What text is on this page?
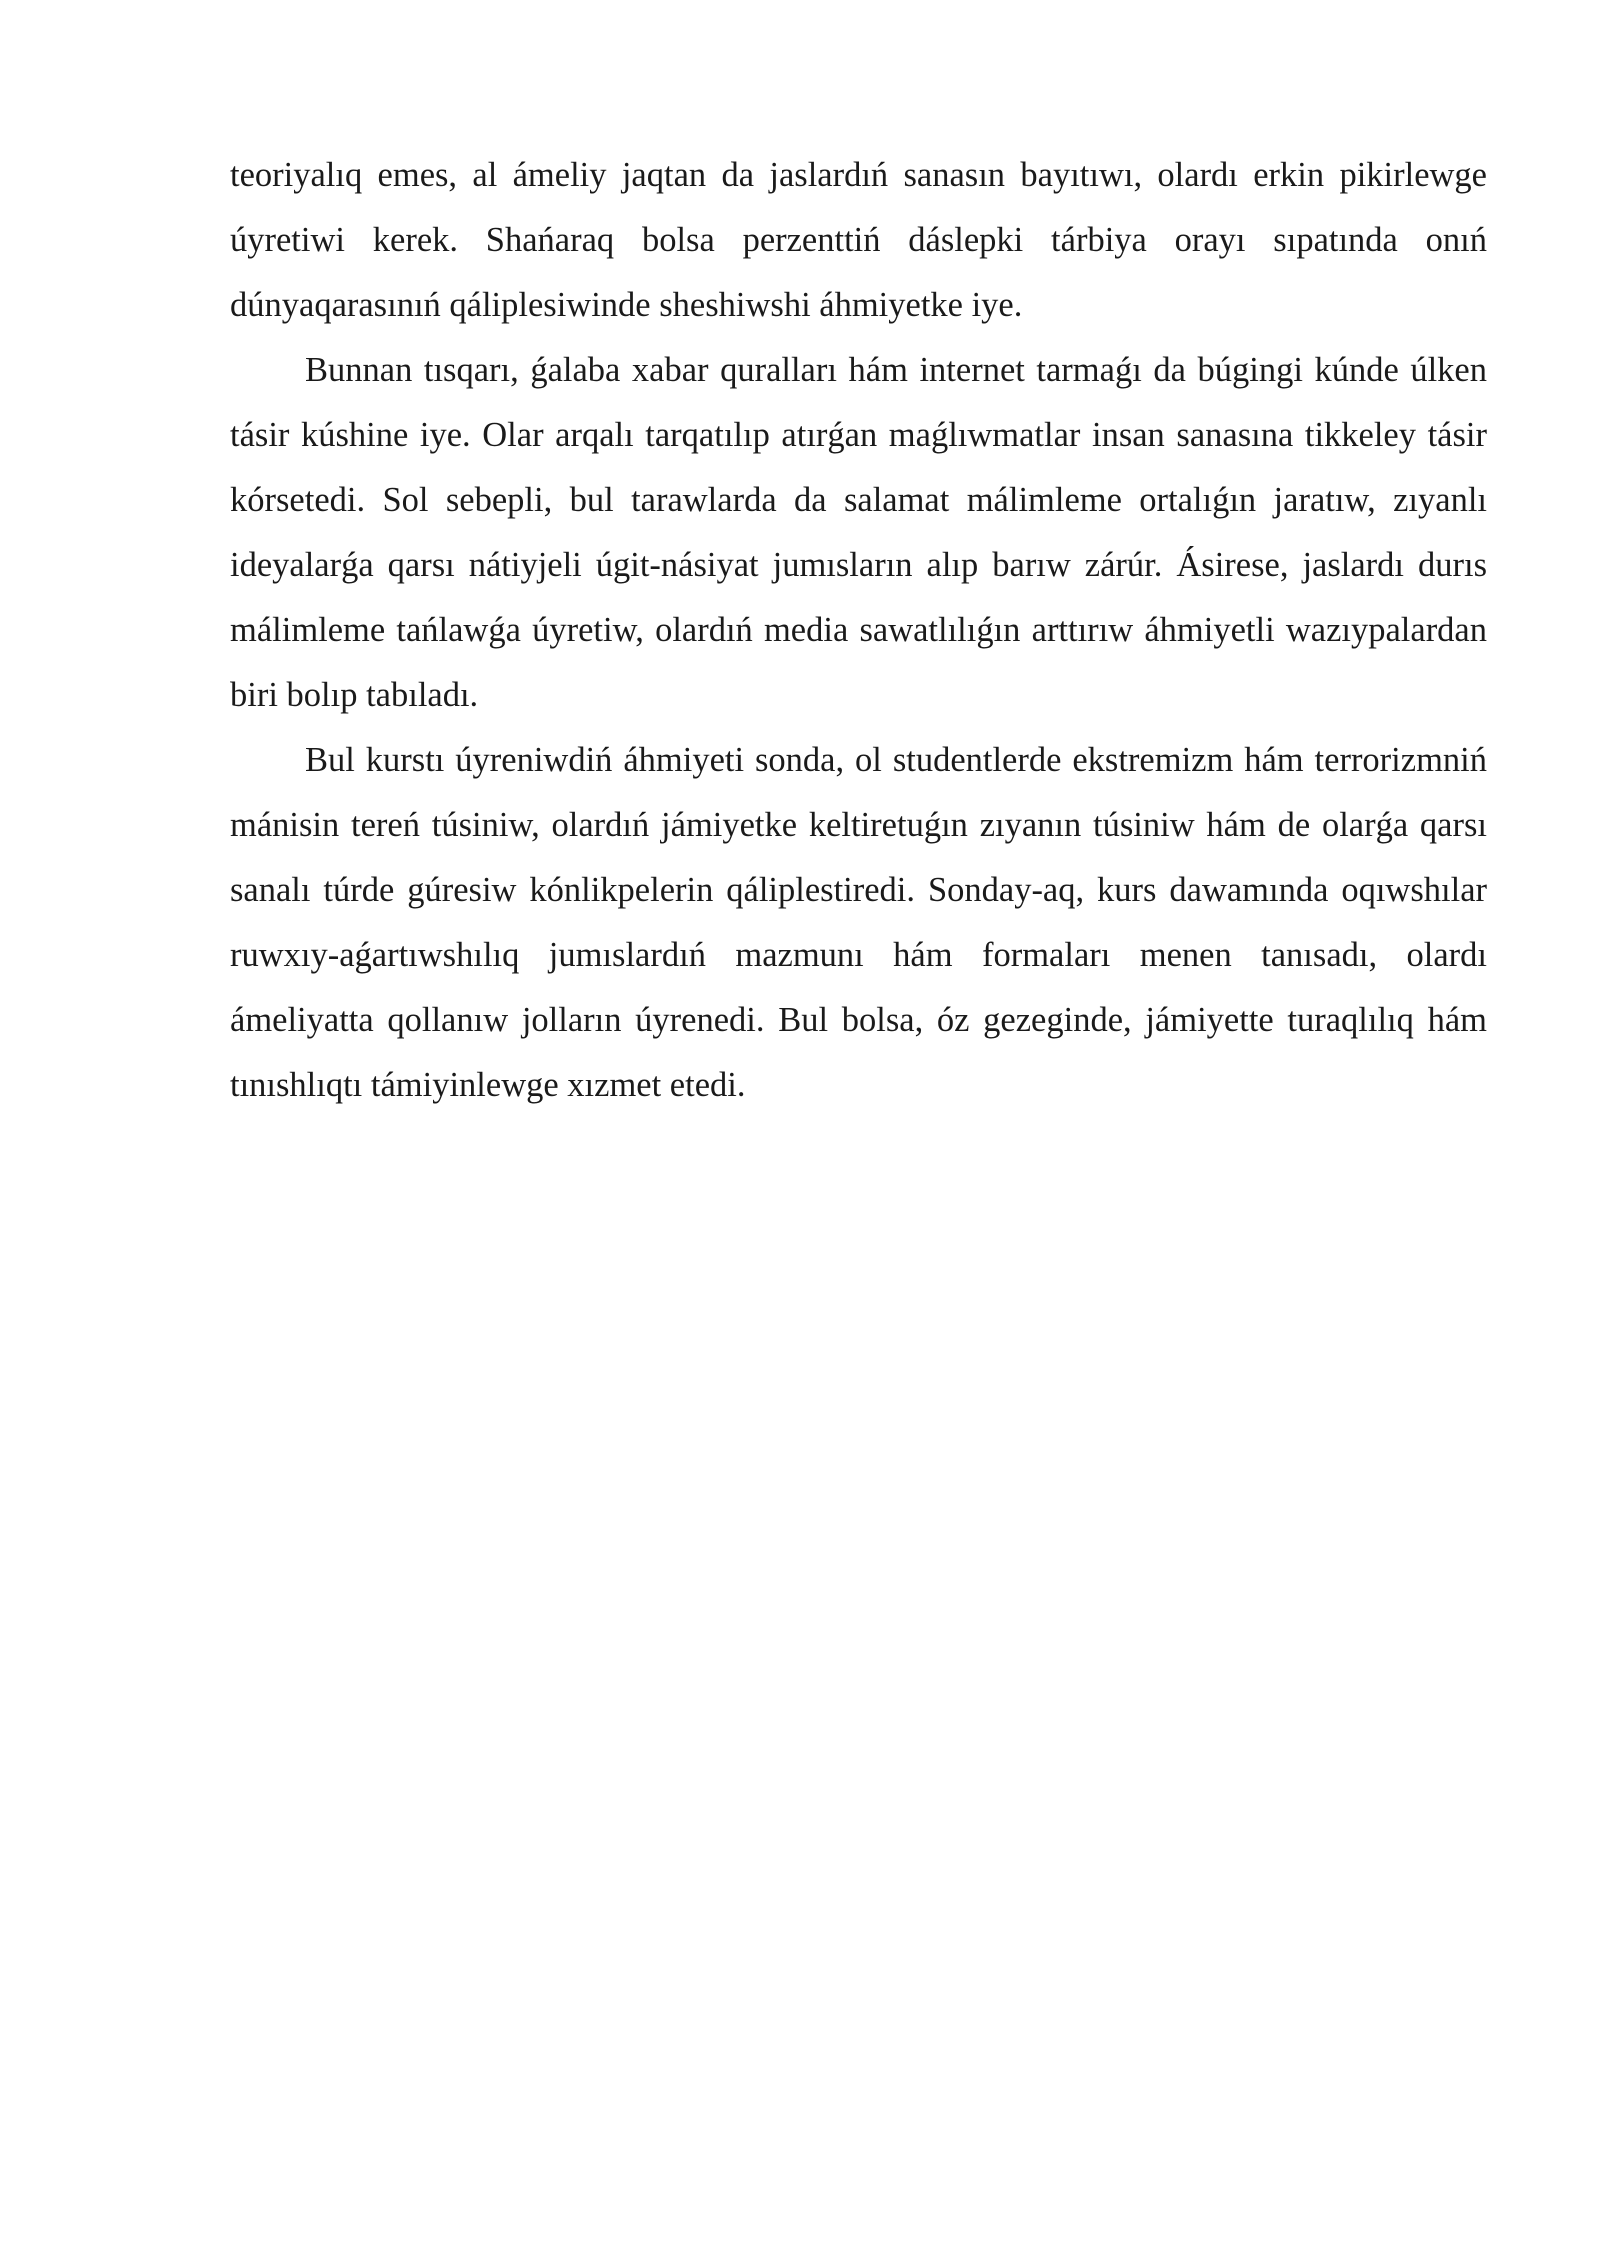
teoriyalıq emes, al ámeliy jaqtan da jaslardıń sanasın bayıtıwı, olardı erkin pikirlewge úyretiwi kerek. Shańaraq bolsa perzenttiń dáslepki tárbiya orayı sıpatında onıń dúnyaqarasınıń qáliplesiwinde sheshiwshi áhmiyetke iye.

Bunnan tısqarı, ǵalaba xabar quralları hám internet tarmaǵı da búgingi kúnde úlken tásir kúshine iye. Olar arqalı tarqatılıp atırǵan maǵlıwmatlar insan sanasına tikkeley tásir kórsetedi. Sol sebepli, bul tarawlarda da salamat málimleme ortalıǵın jaratıw, zıyanlı ideyalarǵa qarsı nátiyjeli úgit-násiyat jumısların alıp barıw zárúr. Ásirese, jaslardı durıs málimleme tańlawǵa úyretiw, olardıń media sawatlılıǵın arttırıw áhmiyetli wazıypalardan biri bolıp tabıladı.

Bul kurstı úyreniwdiń áhmiyeti sonda, ol studentlerde ekstremizm hám terrorizmniń mánisin tereń túsiniw, olardıń jámiyetke keltiretuǵın zıyanın túsiniw hám de olarǵa qarsı sanalı túrde gúresiw kónlikpelerin qáliplestiredi. Sonday-aq, kurs dawamında oqıwshılar ruwxıy-aǵartıwshılıq jumıslardıń mazmunı hám formaları menen tanısadı, olardı ámeliyatta qollanıw jolların úyrenedi. Bul bolsa, óz gezeginde, jámiyette turaqlılıq hám tınıshlıqtı támiyinlewge xızmet etedi.
